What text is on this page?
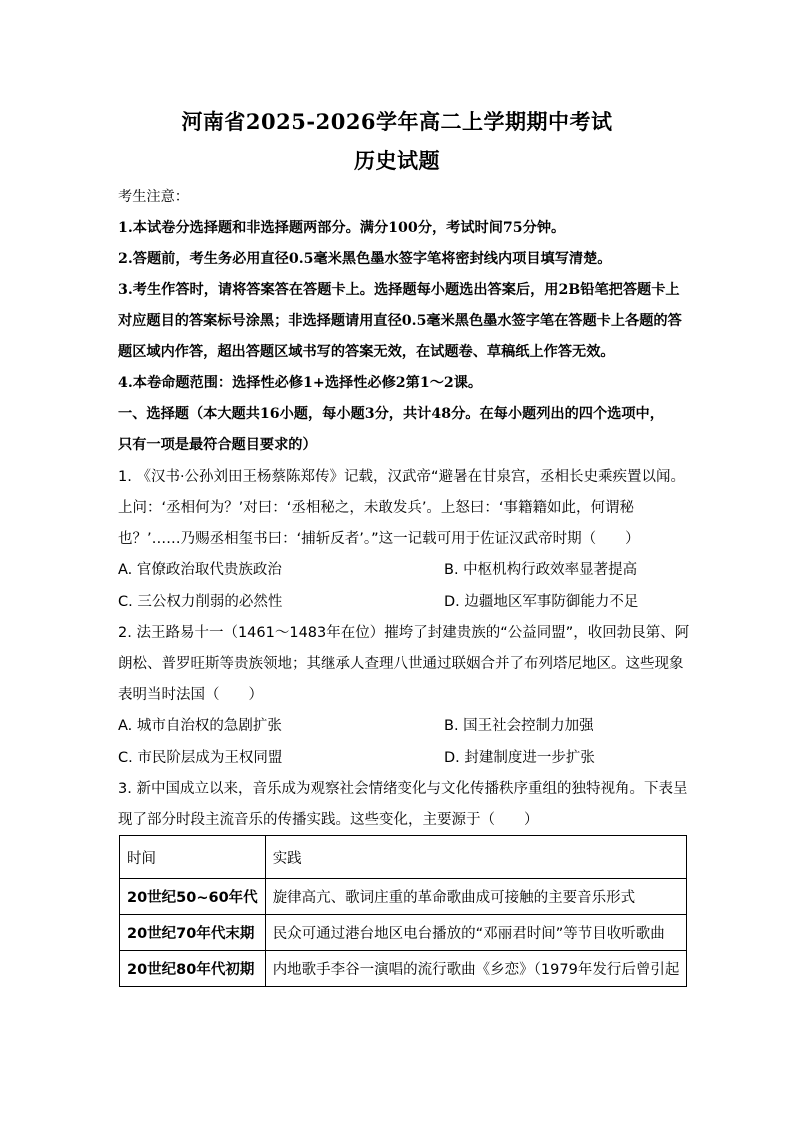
河南省2025-2026学年高二上学期期中考试
历史试题
考生注意：
1.本试卷分选择题和非选择题两部分。满分100分，考试时间75分钟。
2.答题前，考生务必用直径0.5毫米黑色墨水签字笔将密封线内项目填写清楚。
3.考生作答时，请将答案答在答题卡上。选择题每小题选出答案后，用2B铅笔把答题卡上
对应题目的答案标号涂黑；非选择题请用直径0.5毫米黑色墨水签字笔在答题卡上各题的答
题区域内作答，超出答题区域书写的答案无效，在试题卷、草稿纸上作答无效。
4.本卷命题范围：选择性必修1+选择性必修2第1～2课。
一、选择题（本大题共16小题，每小题3分，共计48分。在每小题列出的四个选项中，
只有一项是最符合题目要求的）
1. 《汉书·公孙刘田王杨蔡陈郑传》记载，汉武帝“避暑在甘泉宫，丞相长史乘疾置以闻。
上问：‘丞相何为？’对曰：‘丞相秘之，未敢发兵’。上怒曰：‘事籍籍如此，何谓秘
也？’……乃赐丞相玺书曰：‘捕斩反者’。”这一记载可用于佐证汉武帝时期（　　）
A. 官僚政治取代贵族政治	B. 中枢机构行政效率显著提高
C. 三公权力削弱的必然性	D. 边疆地区军事防御能力不足
2. 法王路易十一（1461～1483年在位）摧垮了封建贵族的“公益同盟”，收回勃艮第、阿
朗松、普罗旺斯等贵族领地；其继承人查理八世通过联姻合并了布列塔尼地区。这些现象
表明当时法国（　　）
A. 城市自治权的急剧扩张	B. 国王社会控制力加强
C. 市民阶层成为王权同盟	D. 封建制度进一步扩张
3. 新中国成立以来，音乐成为观察社会情绪变化与文化传播秩序重组的独特视角。下表呈
现了部分时段主流音乐的传播实践。这些变化，主要源于（　　）
时间	实践
20世纪50~60年代	旋律高亢、歌词庄重的革命歌曲成可接触的主要音乐形式
20世纪70年代末期	民众可通过港台地区电台播放的“邓丽君时间”等节目收听歌曲
20世纪80年代初期	内地歌手李谷一演唱的流行歌曲《乡恋》（1979年发行后曾引起
